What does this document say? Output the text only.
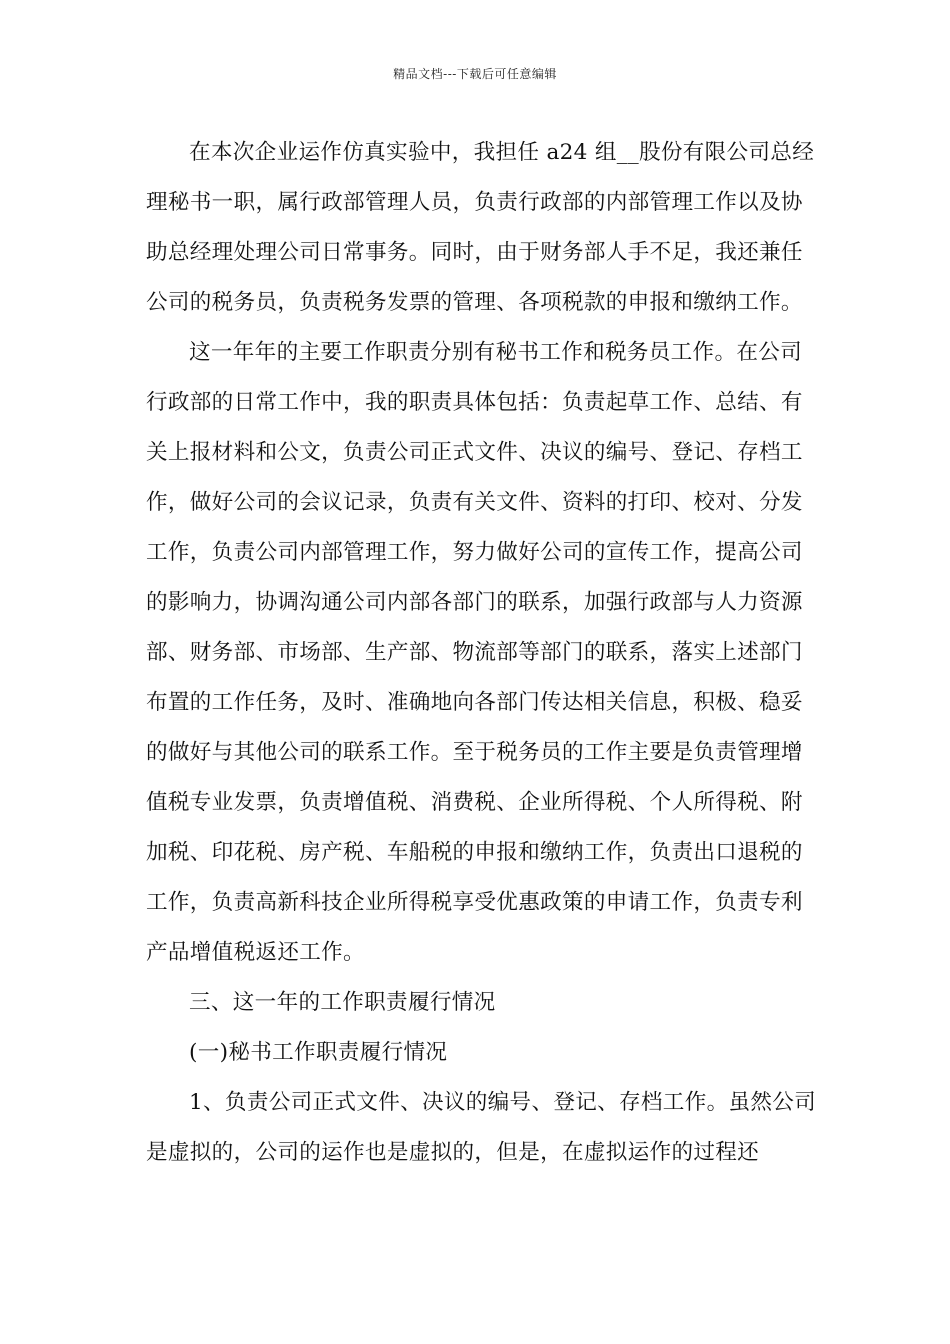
精品文档---下载后可任意编辑

在本次企业运作仿真实验中，我担任 a24 组__股份有限公司总经理秘书一职，属行政部管理人员，负责行政部的内部管理工作以及协助总经理处理公司日常事务。同时，由于财务部人手不足，我还兼任公司的税务员，负责税务发票的管理、各项税款的申报和缴纳工作。

这一年年的主要工作职责分别有秘书工作和税务员工作。在公司行政部的日常工作中，我的职责具体包括：负责起草工作、总结、有关上报材料和公文，负责公司正式文件、决议的编号、登记、存档工作，做好公司的会议记录，负责有关文件、资料的打印、校对、分发工作，负责公司内部管理工作，努力做好公司的宣传工作，提高公司的影响力，协调沟通公司内部各部门的联系，加强行政部与人力资源部、财务部、市场部、生产部、物流部等部门的联系，落实上述部门布置的工作任务，及时、准确地向各部门传达相关信息，积极、稳妥的做好与其他公司的联系工作。至于税务员的工作主要是负责管理增值税专业发票，负责增值税、消费税、企业所得税、个人所得税、附加税、印花税、房产税、车船税的申报和缴纳工作，负责出口退税的工作，负责高新科技企业所得税享受优惠政策的申请工作，负责专利产品增值税返还工作。

三、这一年的工作职责履行情况

(一)秘书工作职责履行情况

1、负责公司正式文件、决议的编号、登记、存档工作。虽然公司是虚拟的，公司的运作也是虚拟的，但是，在虚拟运作的过程还
